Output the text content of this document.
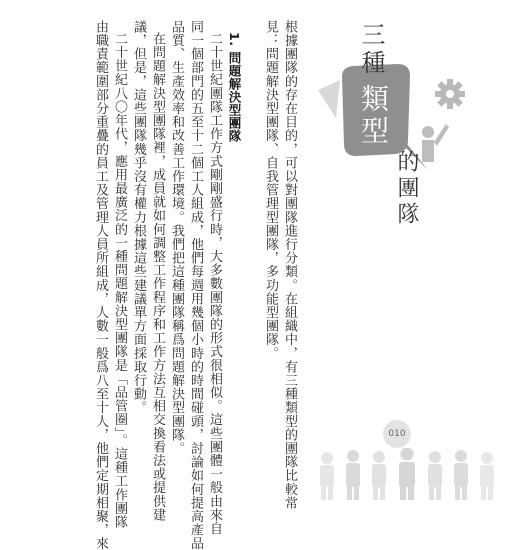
三種
類型
的團隊
根據團隊的存在目的，可以對團隊進行分類。在組織中，有三種類型的團隊比較常
見：問題解決型團隊、自我管理型團隊，多功能型團隊。
1. 問題解決型團隊
二十世紀團隊工作方式剛剛盛行時，大多數團隊的形式很相似。這些團體一般由來自
同一個部門的五至十二個工人組成，他們每週用幾個小時的時間碰頭，討論如何提高產品
品質、生產效率和改善工作環境。我們把這種團隊稱爲問題解決型團隊。
在問題解決型團隊裡，成員就如何調整工作程序和工作方法互相交換看法或提供建
議，但是，這些團隊幾乎沒有權力根據這些建議單方面採取行動。
二十世紀八〇年代，應用最廣泛的一種問題解決型團隊是「品管圈」。這種工作團隊
由職責範圍部分重疊的員工及管理人員所組成，人數一般爲八至十人，他們定期相聚，來	010
